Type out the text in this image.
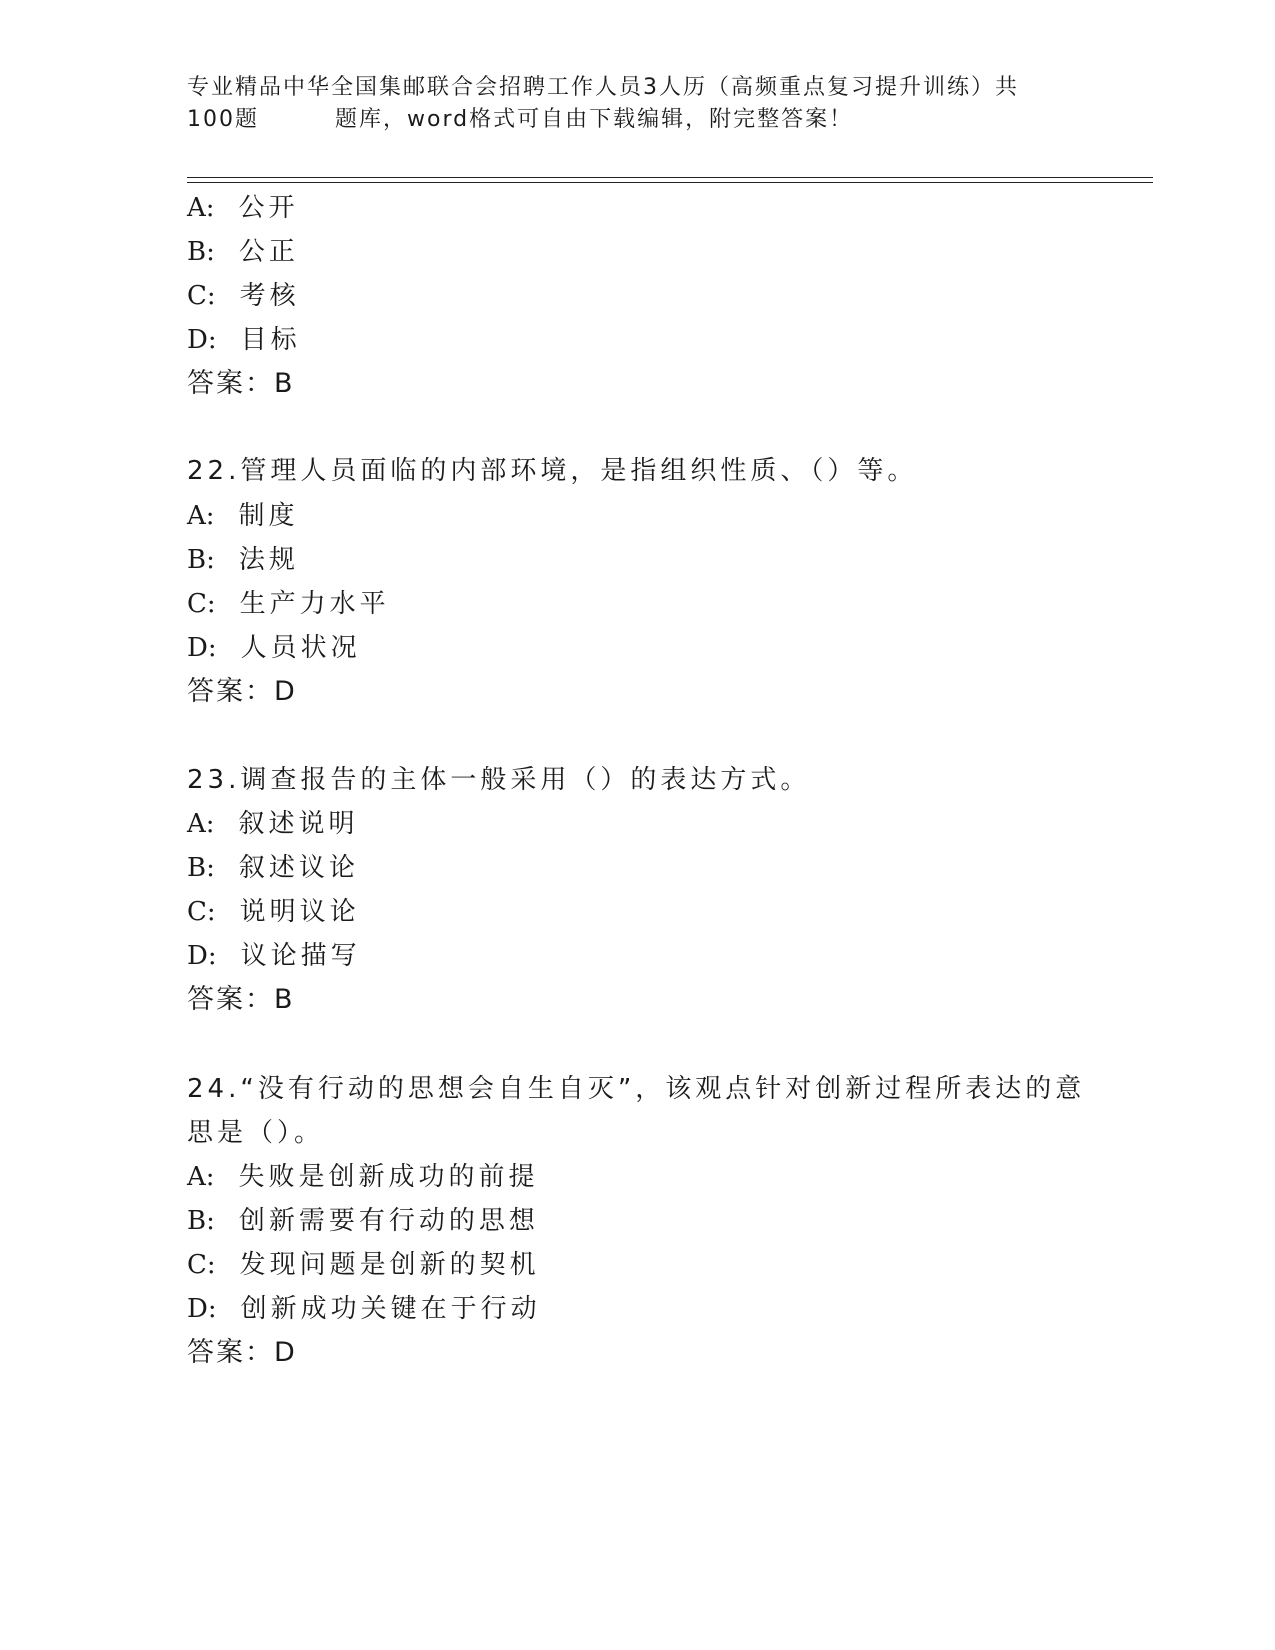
专业精品中华全国集邮联合会招聘工作人员3人历（高频重点复习提升训练）共
100题	题库，word格式可自由下载编辑，附完整答案！
A: 公开
B: 公正
C: 考核
D: 目标
答案：B
22.管理人员面临的内部环境，是指组织性质、（）等。
A: 制度
B: 法规
C: 生产力水平
D: 人员状况
答案：D
23.调查报告的主体一般采用（）的表达方式。
A: 叙述说明
B: 叙述议论
C: 说明议论
D: 议论描写
答案：B
24.“没有行动的思想会自生自灭”，该观点针对创新过程所表达的意
思是（）。
A: 失败是创新成功的前提
B: 创新需要有行动的思想
C: 发现问题是创新的契机
D: 创新成功关键在于行动
答案：D
